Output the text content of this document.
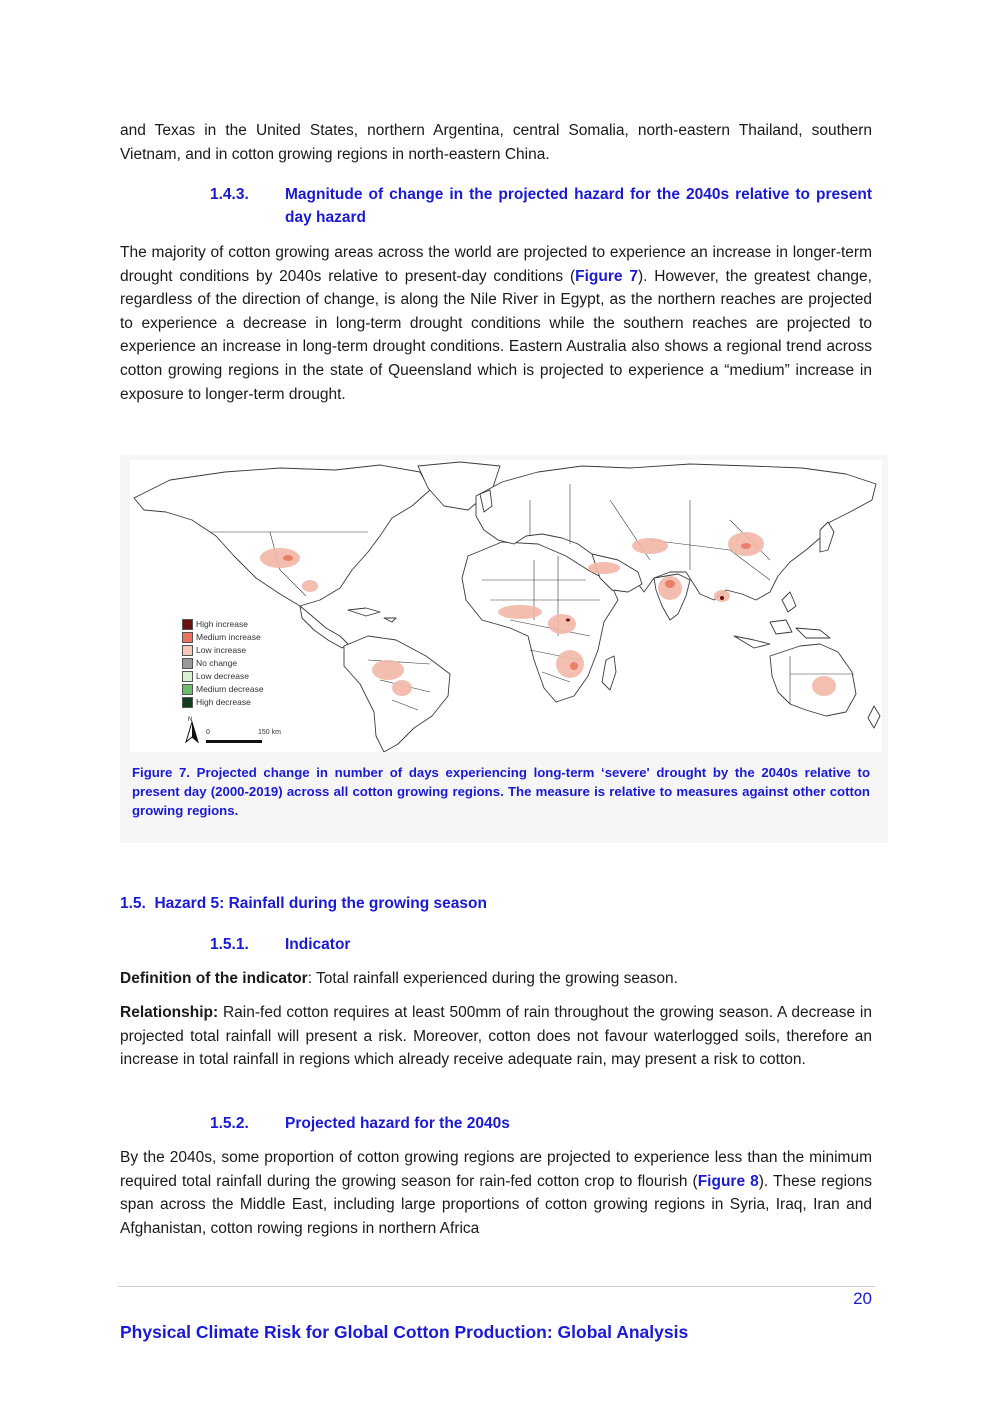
and Texas in the United States, northern Argentina, central Somalia, north-eastern Thailand, southern Vietnam, and in cotton growing regions in north-eastern China.

1.4.3. Magnitude of change in the projected hazard for the 2040s relative to present day hazard

The majority of cotton growing areas across the world are projected to experience an increase in longer-term drought conditions by 2040s relative to present-day conditions (Figure 7). However, the greatest change, regardless of the direction of change, is along the Nile River in Egypt, as the northern reaches are projected to experience a decrease in long-term drought conditions while the southern reaches are projected to experience an increase in long-term drought conditions. Eastern Australia also shows a regional trend across cotton growing regions in the state of Queensland which is projected to experience a “medium” increase in exposure to longer-term drought.

High increase
Medium increase
Low increase
No change
Low decrease
Medium decrease
High decrease
N
0	150 km

Figure 7. Projected change in number of days experiencing long-term ‘severe' drought by the 2040s relative to present day (2000-2019) across all cotton growing regions. The measure is relative to measures against other cotton growing regions.

1.5. Hazard 5: Rainfall during the growing season
1.5.1. Indicator

Definition of the indicator: Total rainfall experienced during the growing season.

Relationship: Rain-fed cotton requires at least 500mm of rain throughout the growing season. A decrease in projected total rainfall will present a risk. Moreover, cotton does not favour waterlogged soils, therefore an increase in total rainfall in regions which already receive adequate rain, may present a risk to cotton.

1.5.2. Projected hazard for the 2040s

By the 2040s, some proportion of cotton growing regions are projected to experience less than the minimum required total rainfall during the growing season for rain-fed cotton crop to flourish (Figure 8). These regions span across the Middle East, including large proportions of cotton growing regions in Syria, Iraq, Iran and Afghanistan, cotton rowing regions in northern Africa

20
Physical Climate Risk for Global Cotton Production: Global Analysis
